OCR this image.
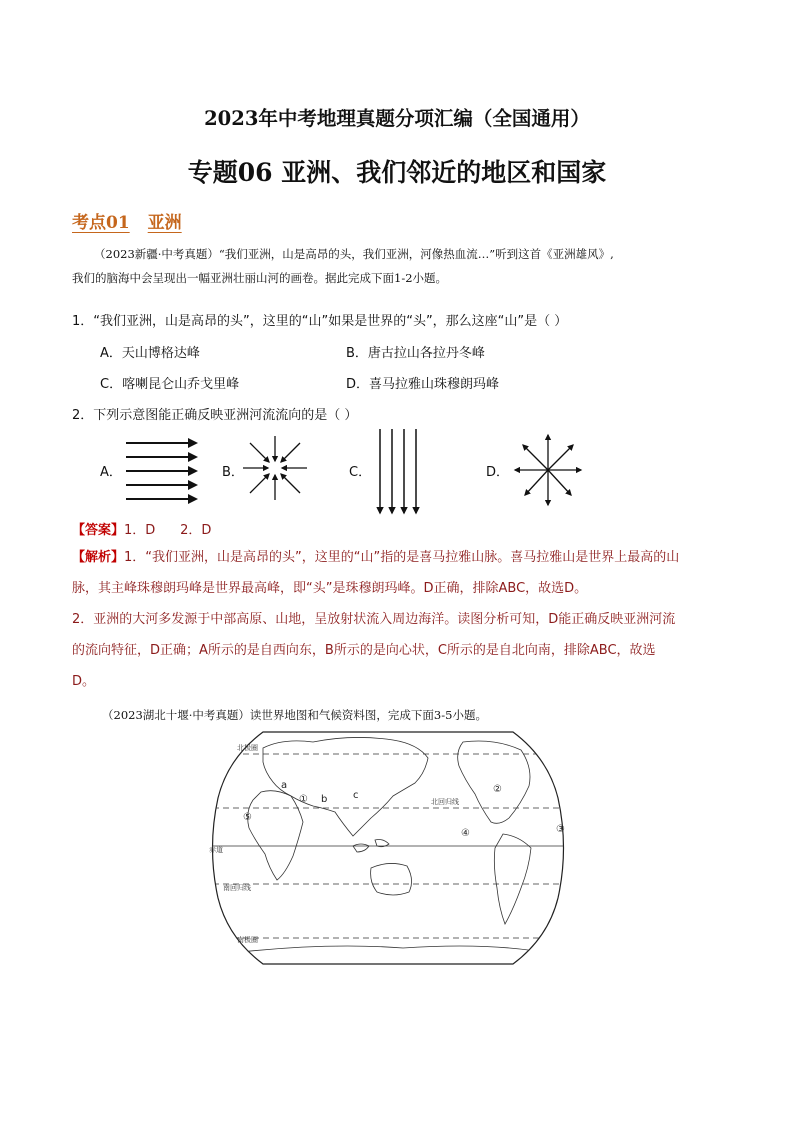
2023年中考地理真题分项汇编（全国通用）
专题06 亚洲、我们邻近的地区和国家
考点01 亚洲
（2023新疆·中考真题）“我们亚洲，山是高昂的头，我们亚洲，河像热血流…”听到这首《亚洲雄风》,
我们的脑海中会呈现出一幅亚洲壮丽山河的画卷。据此完成下面1-2小题。
1．“我们亚洲，山是高昂的头”，这里的“山”如果是世界的“头”，那么这座“山”是（ ）
A．天山博格达峰	B．唐古拉山各拉丹冬峰
C．喀喇昆仑山乔戈里峰	D．喜马拉雅山珠穆朗玛峰
2．下列示意图能正确反映亚洲河流流向的是（ ）
A．	B．	C．	D．
【答案】1．D      2．D
【解析】1．“我们亚洲，山是高昂的头”，这里的“山”指的是喜马拉雅山脉。喜马拉雅山是世界上最高的山
脉，其主峰珠穆朗玛峰是世界最高峰，即“头”是珠穆朗玛峰。D正确，排除ABC，故选D。
2．亚洲的大河多发源于中部高原、山地，呈放射状流入周边海洋。读图分析可知，D能正确反映亚洲河流
的流向特征，D正确；A所示的是自西向东，B所示的是向心状，C所示的是自北向南，排除ABC，故选
D。
（2023湖北十堰·中考真题）读世界地图和气候资料图，完成下面3-5小题。
北极圈
北回归线
赤道
南回归线
南极圈
a
b	c
①
②
③
④
⑤
